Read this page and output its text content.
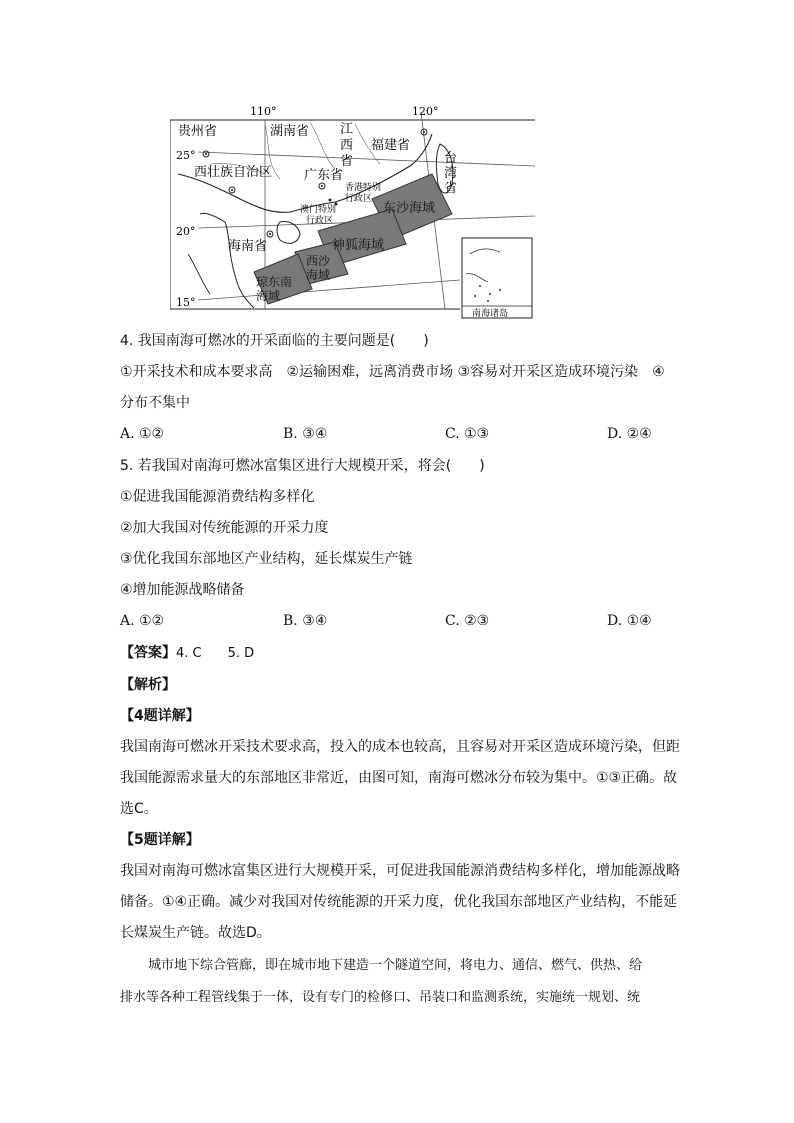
110°	120°
25°
20°
15°
贵州省	湖南省 江
西
省
福建省
台
湾
省
西壮族自治区 广东省
海南省
香港特别
行政区
澳门特别
行政区
东沙海域
神狐海域
西沙
海域
琼东南
海域
南海诸岛
4. 我国南海可燃冰的开采面临的主要问题是(　　)
①开采技术和成本要求高　②运输困难，远离消费市场 ③容易对开采区造成环境污染　④
分布不集中
A. ①②	B. ③④	C. ①③	D. ②④
5. 若我国对南海可燃冰富集区进行大规模开采，将会(　　)
①促进我国能源消费结构多样化
②加大我国对传统能源的开采力度
③优化我国东部地区产业结构，延长煤炭生产链
④增加能源战略储备
A. ①②	B. ③④	C. ②③	D. ①④
【答案】4. C　　5. D
【解析】
【4题详解】
我国南海可燃冰开采技术要求高，投入的成本也较高，且容易对开采区造成环境污染，但距
我国能源需求量大的东部地区非常近，由图可知，南海可燃冰分布较为集中。①③正确。故
选C。
【5题详解】
我国对南海可燃冰富集区进行大规模开采，可促进我国能源消费结构多样化，增加能源战略
储备。①④正确。减少对我国对传统能源的开采力度，优化我国东部地区产业结构，不能延
长煤炭生产链。故选D。
城市地下综合管廊，即在城市地下建造一个隧道空间，将电力、通信、燃气、供热、给
排水等各种工程管线集于一体，设有专门的检修口、吊装口和监测系统，实施统一规划、统
